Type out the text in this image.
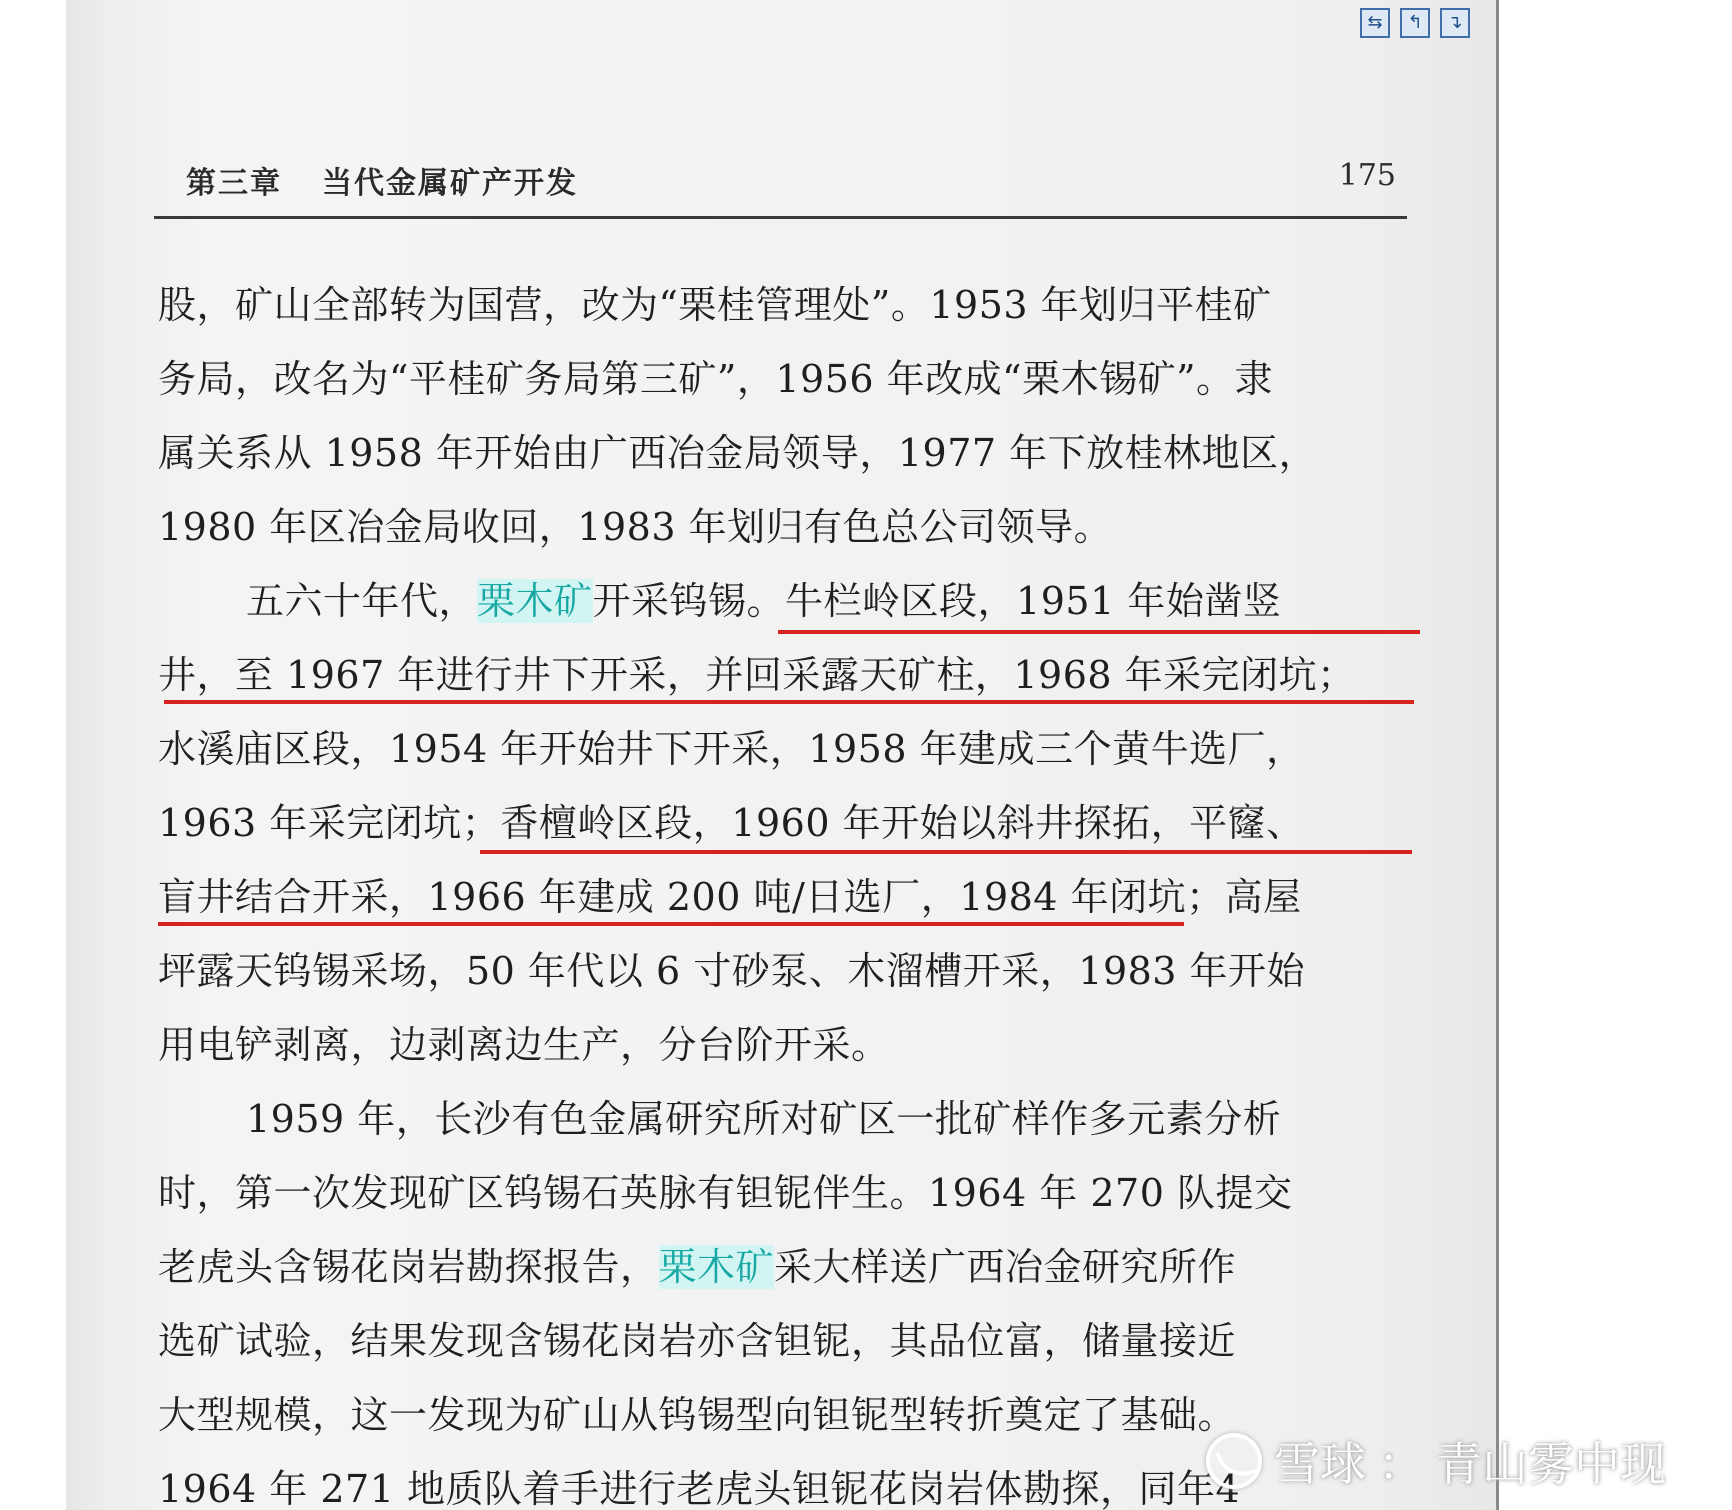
⇆	↰	↴
第三章 当代金属矿产开发	175
股，矿山全部转为国营，改为“栗桂管理处”。1953 年划归平桂矿
务局，改名为“平桂矿务局第三矿”，1956 年改成“栗木锡矿”。隶
属关系从 1958 年开始由广西冶金局领导，1977 年下放桂林地区，
1980 年区冶金局收回，1983 年划归有色总公司领导。
五六十年代，栗木矿开采钨锡。牛栏岭区段，1951 年始凿竖
井，至 1967 年进行井下开采，并回采露天矿柱，1968 年采完闭坑；
水溪庙区段，1954 年开始井下开采，1958 年建成三个黄牛选厂，
1963 年采完闭坑；香檀岭区段，1960 年开始以斜井探拓，平窿、
盲井结合开采，1966 年建成 200 吨/日选厂，1984 年闭坑；高屋
坪露天钨锡采场，50 年代以 6 寸砂泵、木溜槽开采，1983 年开始
用电铲剥离，边剥离边生产，分台阶开采。
1959 年，长沙有色金属研究所对矿区一批矿样作多元素分析
时，第一次发现矿区钨锡石英脉有钽铌伴生。1964 年 270 队提交
老虎头含锡花岗岩勘探报告，栗木矿采大样送广西冶金研究所作
选矿试验，结果发现含锡花岗岩亦含钽铌，其品位富，储量接近
大型规模，这一发现为矿山从钨锡型向钽铌型转折奠定了基础。
1964 年 271 地质队着手进行老虎头钽铌花岗岩体勘探，同年4 雪球 ： 青山雾中现
